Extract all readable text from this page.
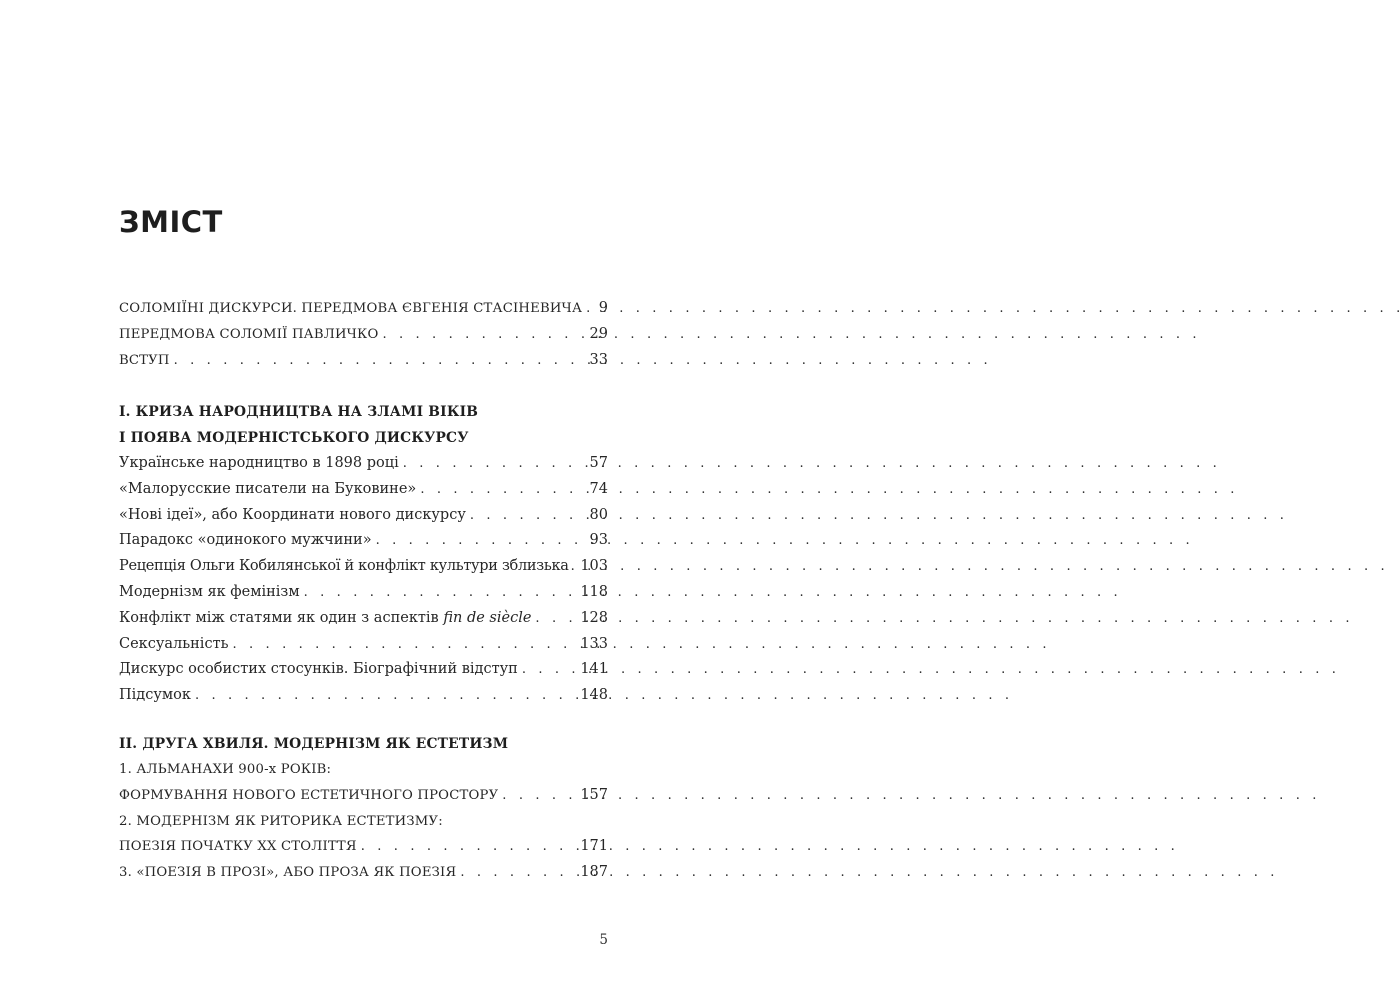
ЗМІСТ
СОЛОМІЇНІ ДИСКУРСИ. ПЕРЕДМОВА ЄВГЕНІЯ СТАСІНЕВИЧА .   . 9
ПЕРЕДМОВА СОЛОМІЇ ПАВЛИЧКО .   .	29
ВСТУП .   .	33
І. КРИЗА НАРОДНИЦТВА НА ЗЛАМІ ВІКІВ
І ПОЯВА МОДЕРНІСТСЬКОГО ДИСКУРСУ
Українське народництво в 1898 році .   .	57
«Малорусские писатели на Буковине» .   .	74
«Нові ідеї», або Координати нового дискурсу .   .	80
Парадокс «одинокого мужчини» .   .	93
Рецепція Ольги Кобилянської й конфлікт культури зблизька .   . 103
Модернізм як фемінізм .   .	118
Конфлікт між статями як один з аспектів fin de siècle .   .	128
Сексуальність .   .	133
Дискурс особистих стосунків. Біографічний відступ .   .	141
Підсумок .   .	148
ІІ. ДРУГА ХВИЛЯ. МОДЕРНІЗМ ЯК ЕСТЕТИЗМ
1. АЛЬМАНАХИ 900-х РОКІВ:
ФОРМУВАННЯ НОВОГО ЕСТЕТИЧНОГО ПРОСТОРУ .   .	157
2. МОДЕРНІЗМ ЯК РИТОРИКА ЕСТЕТИЗМУ:
ПОЕЗІЯ ПОЧАТКУ ХХ СТОЛІТТЯ .   .	171
3. «ПОЕЗІЯ В ПРОЗІ», АБО ПРОЗА ЯК ПОЕЗІЯ .   .	187
5
